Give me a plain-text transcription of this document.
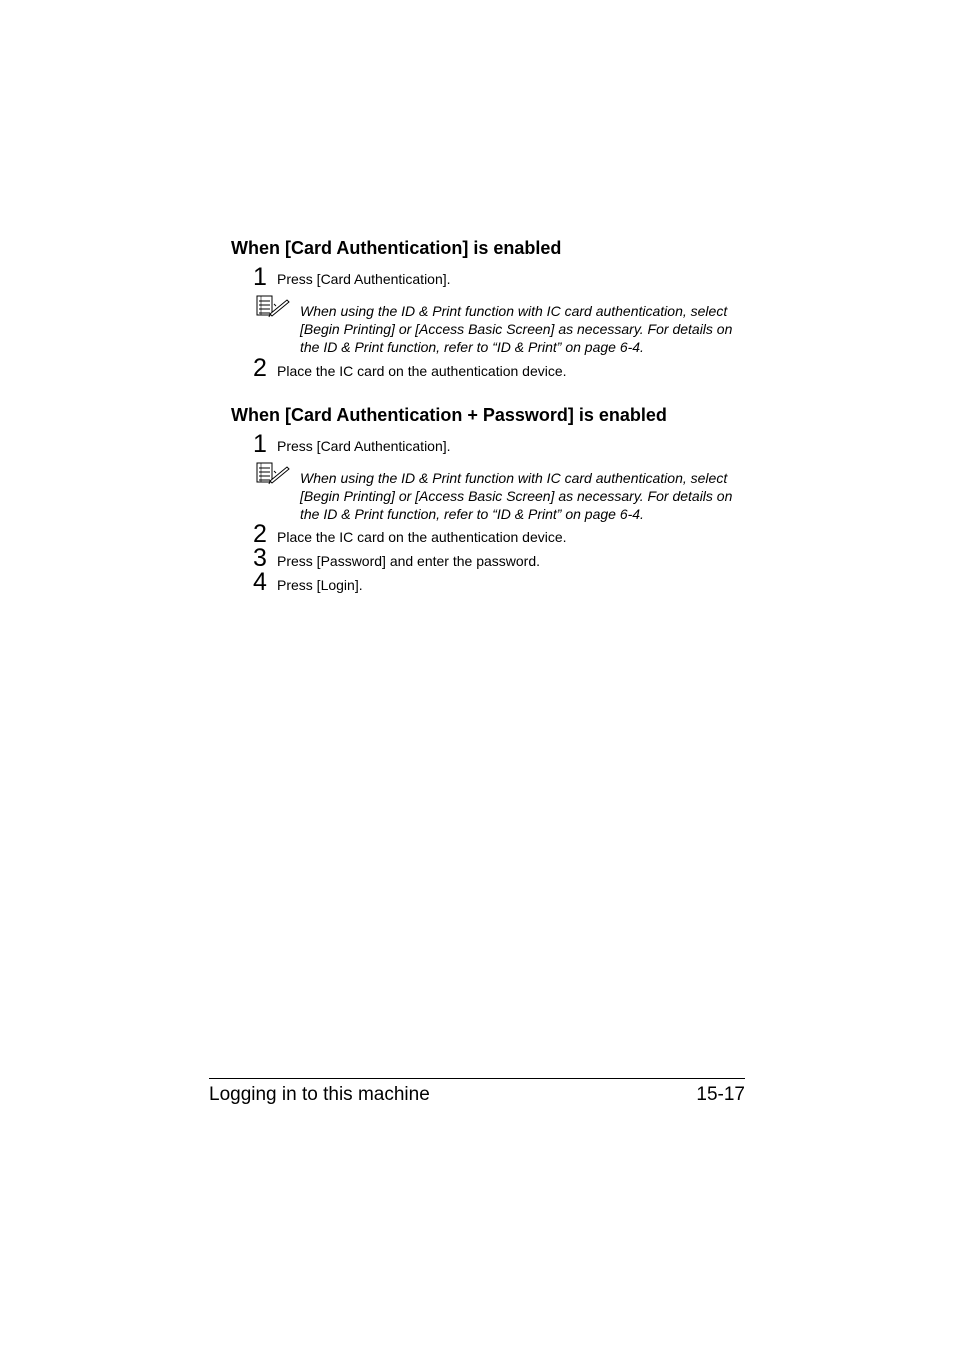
When [Card Authentication] is enabled
1 Press [Card Authentication].
When using the ID & Print function with IC card authentication, select
[Begin Printing] or [Access Basic Screen] as necessary. For details on
the ID & Print function, refer to “ID & Print” on page 6-4.
2 Place the IC card on the authentication device.
When [Card Authentication + Password] is enabled
1 Press [Card Authentication].
When using the ID & Print function with IC card authentication, select
[Begin Printing] or [Access Basic Screen] as necessary. For details on
the ID & Print function, refer to “ID & Print” on page 6-4.
2 Place the IC card on the authentication device.
3 Press [Password] and enter the password.
4 Press [Login].
Logging in to this machine	15-17
